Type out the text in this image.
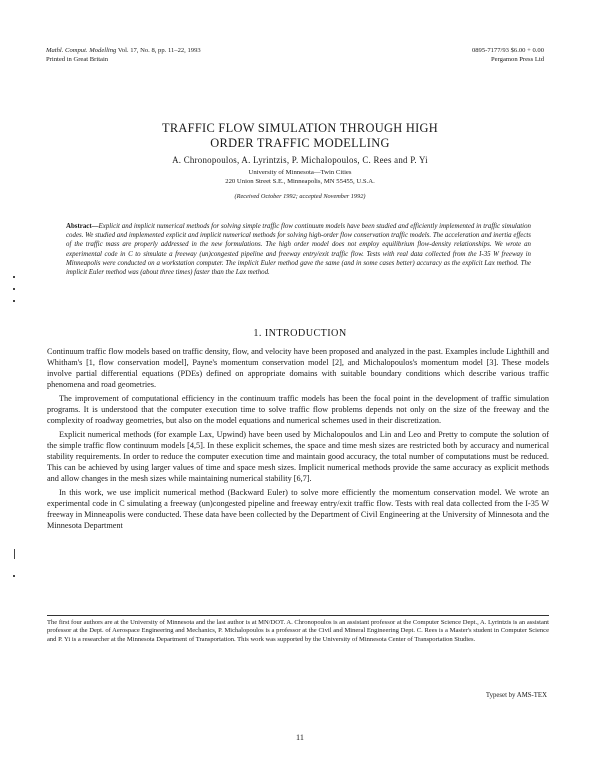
Mathl. Comput. Modelling Vol. 17, No. 8, pp. 11–22, 1993
Printed in Great Britain
0895-7177/93 $6.00 + 0.00
Pergamon Press Ltd
TRAFFIC FLOW SIMULATION THROUGH HIGH
ORDER TRAFFIC MODELLING
A. Chronopoulos, A. Lyrintzis, P. Michalopoulos, C. Rees and P. Yi
University of Minnesota—Twin Cities
220 Union Street S.E., Minneapolis, MN 55455, U.S.A.
(Received October 1992; accepted November 1992)
Abstract—Explicit and implicit numerical methods for solving simple traffic flow continuum models have been studied and efficiently implemented in traffic simulation codes. We studied and implemented explicit and implicit numerical methods for solving high-order flow conservation traffic models. The acceleration and inertia effects of the traffic mass are properly addressed in the new formulations. The high order model does not employ equilibrium flow-density relationships. We wrote an experimental code in C to simulate a freeway (un)congested pipeline and freeway entry/exit traffic flow. Tests with real data collected from the I-35 W freeway in Minneapolis were conducted on a workstation computer. The implicit Euler method gave the same (and in some cases better) accuracy as the explicit Lax method. The implicit Euler method was (about three times) faster than the Lax method.
1. INTRODUCTION

Continuum traffic flow models based on traffic density, flow, and velocity have been proposed and analyzed in the past. Examples include Lighthill and Whitham's [1, flow conservation model], Payne's momentum conservation model [2], and Michalopoulos's momentum model [3]. These models involve partial differential equations (PDEs) defined on appropriate domains with suitable boundary conditions which describe various traffic phenomena and road geometries.

The improvement of computational efficiency in the continuum traffic models has been the focal point in the development of traffic simulation programs. It is understood that the computer execution time to solve traffic flow problems depends not only on the size of the freeway and the complexity of roadway geometries, but also on the model equations and numerical schemes used in their discretization.

Explicit numerical methods (for example Lax, Upwind) have been used by Michalopoulos and Lin and Leo and Pretty to compute the solution of the simple traffic flow continuum models [4,5]. In these explicit schemes, the space and time mesh sizes are restricted both by accuracy and numerical stability requirements. In order to reduce the computer execution time and maintain good accuracy, the total number of computations must be reduced. This can be achieved by using larger values of time and space mesh sizes. Implicit numerical methods provide the same accuracy as explicit methods and allow changes in the mesh sizes while maintaining numerical stability [6,7].

In this work, we use implicit numerical method (Backward Euler) to solve more efficiently the momentum conservation model. We wrote an experimental code in C simulating a freeway (un)congested pipeline and freeway entry/exit traffic flow. Tests with real data collected from the I-35 W freeway in Minneapolis were conducted. These data have been collected by the Department of Civil Engineering at the University of Minnesota and the Minnesota Department

The first four authors are at the University of Minnesota and the last author is at MN/DOT. A. Chronopoulos is an assistant professor at the Computer Science Dept., A. Lyrintzis is an assistant professor at the Dept. of Aerospace Engineering and Mechanics, P. Michalopoulos is a professor at the Civil and Mineral Engineering Dept. C. Rees is a Master's student in Computer Science and P. Yi is a researcher at the Minnesota Department of Transportation. This work was supported by the University of Minnesota Center of Transportation Studies.
Typeset by AMS-TEX
11
